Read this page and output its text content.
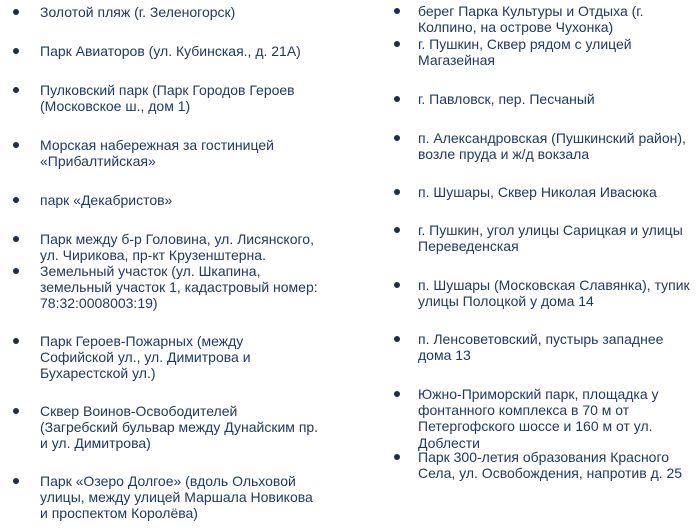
Золотой пляж (г. Зеленогорск)
Парк Авиаторов (ул. Кубинская., д. 21А)
Пулковский парк (Парк Городов Героев
(Московское ш., дом 1)
Морская набережная за гостиницей
«Прибалтийская»
парк «Декабристов»
Парк между б-р Головина, ул. Лисянского,
ул. Чирикова, пр-кт Крузенштерна.
Земельный участок (ул. Шкапина,
земельный участок 1, кадастровый номер:
78:32:0008003:19)
Парк Героев-Пожарных (между
Софийской ул., ул. Димитрова и
Бухарестской ул.)
Сквер Воинов-Освободителей
(Загребский бульвар между Дунайским пр.
и ул. Димитрова)
Парк «Озеро Долгое» (вдоль Ольховой
улицы, между улицей Маршала Новикова
и проспектом Королёва)
берег Парка Культуры и Отдыха (г.
Колпино, на острове Чухонка)
г. Пушкин, Сквер рядом с улицей
Магазейная
г. Павловск, пер. Песчаный
п. Александровская (Пушкинский район),
возле пруда и ж/д вокзала
п. Шушары, Сквер Николая Ивасюка
г. Пушкин, угол улицы Сарицкая и улицы
Переведенская
п. Шушары (Московская Славянка), тупик
улицы Полоцкой у дома 14
п. Ленсоветовский, пустырь западнее
дома 13
Южно-Приморский парк, площадка у
фонтанного комплекса в 70 м от
Петергофского шоссе и 160 м от ул.
Доблести
Парк 300-летия образования Красного
Села, ул. Освобождения, напротив д. 25
